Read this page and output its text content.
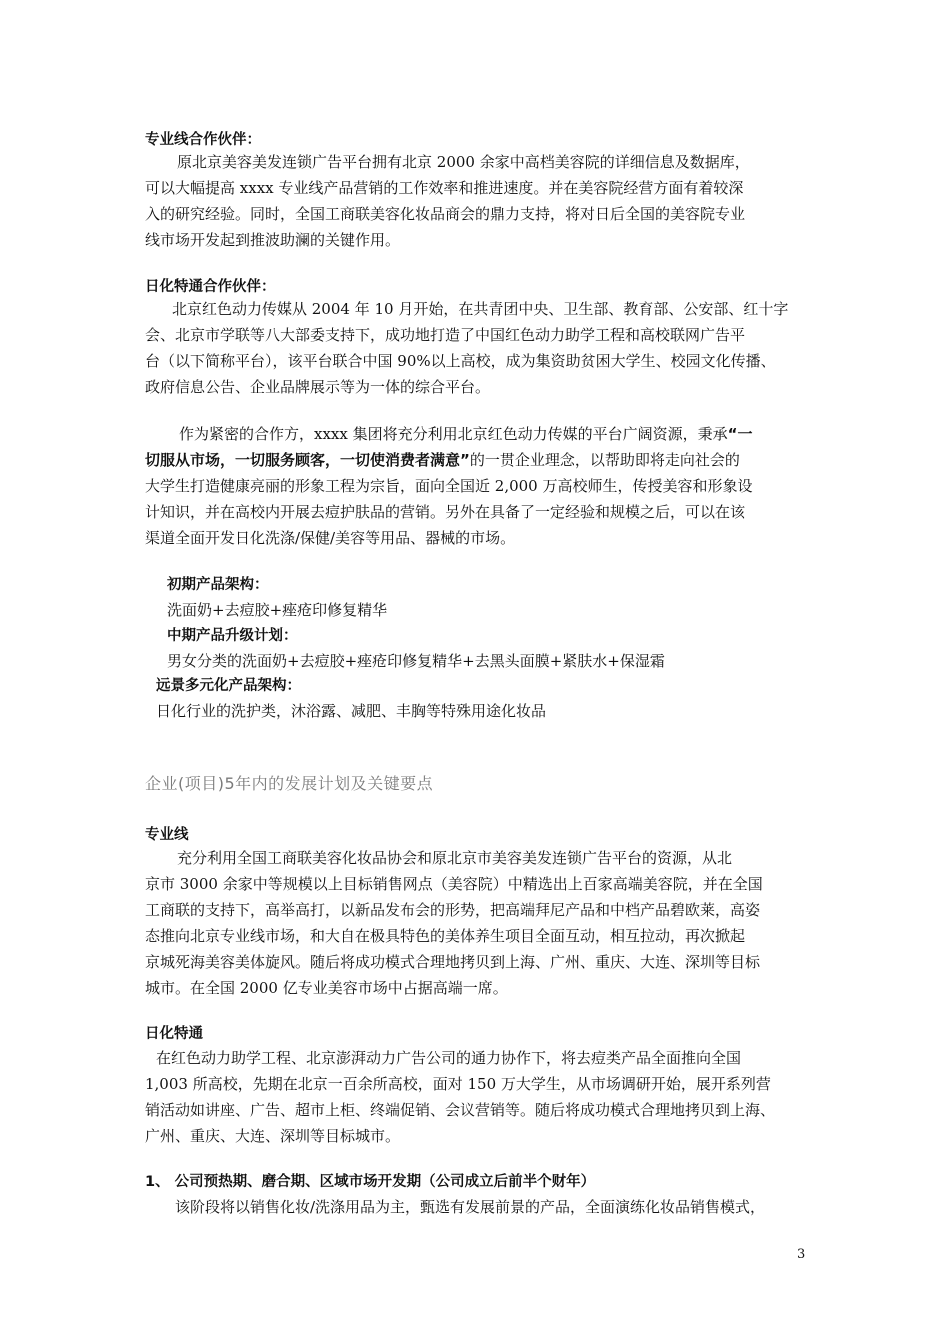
专业线合作伙伴：
原北京美容美发连锁广告平台拥有北京 2000 余家中高档美容院的详细信息及数据库，
可以大幅提高 xxxx 专业线产品营销的工作效率和推进速度。并在美容院经营方面有着较深
入的研究经验。同时，全国工商联美容化妆品商会的鼎力支持，将对日后全国的美容院专业
线市场开发起到推波助澜的关键作用。
日化特通合作伙伴：
北京红色动力传媒从 2004 年 10 月开始，在共青团中央、卫生部、教育部、公安部、红十字
会、北京市学联等八大部委支持下，成功地打造了中国红色动力助学工程和高校联网广告平
台（以下简称平台），该平台联合中国 90%以上高校，成为集资助贫困大学生、校园文化传播、
政府信息公告、企业品牌展示等为一体的综合平台。
作为紧密的合作方，xxxx 集团将充分利用北京红色动力传媒的平台广阔资源，秉承“一
切服从市场，一切服务顾客，一切使消费者满意”的一贯企业理念，以帮助即将走向社会的
大学生打造健康亮丽的形象工程为宗旨，面向全国近 2,000 万高校师生，传授美容和形象设
计知识，并在高校内开展去痘护肤品的营销。另外在具备了一定经验和规模之后，可以在该
渠道全面开发日化洗涤/保健/美容等用品、器械的市场。
初期产品架构：
洗面奶+去痘胶+痤疮印修复精华
中期产品升级计划：
男女分类的洗面奶+去痘胶+痤疮印修复精华+去黑头面膜+紧肤水+保湿霜
远景多元化产品架构：
日化行业的洗护类，沐浴露、减肥、丰胸等特殊用途化妆品
企业(项目)5年内的发展计划及关键要点
专业线
充分利用全国工商联美容化妆品协会和原北京市美容美发连锁广告平台的资源，从北
京市 3000 余家中等规模以上目标销售网点（美容院）中精选出上百家高端美容院，并在全国
工商联的支持下，高举高打，以新品发布会的形势，把高端拜尼产品和中档产品碧欧莱，高姿
态推向北京专业线市场，和大自在极具特色的美体养生项目全面互动，相互拉动，再次掀起
京城死海美容美体旋风。随后将成功模式合理地拷贝到上海、广州、重庆、大连、深圳等目标
城市。在全国 2000 亿专业美容市场中占据高端一席。
日化特通
在红色动力助学工程、北京澎湃动力广告公司的通力协作下，将去痘类产品全面推向全国
1,003 所高校，先期在北京一百余所高校，面对 150 万大学生，从市场调研开始，展开系列营
销活动如讲座、广告、超市上柜、终端促销、会议营销等。随后将成功模式合理地拷贝到上海、
广州、重庆、大连、深圳等目标城市。
1、 公司预热期、磨合期、区域市场开发期（公司成立后前半个财年）
该阶段将以销售化妆/洗涤用品为主，甄选有发展前景的产品，全面演练化妆品销售模式，
3
